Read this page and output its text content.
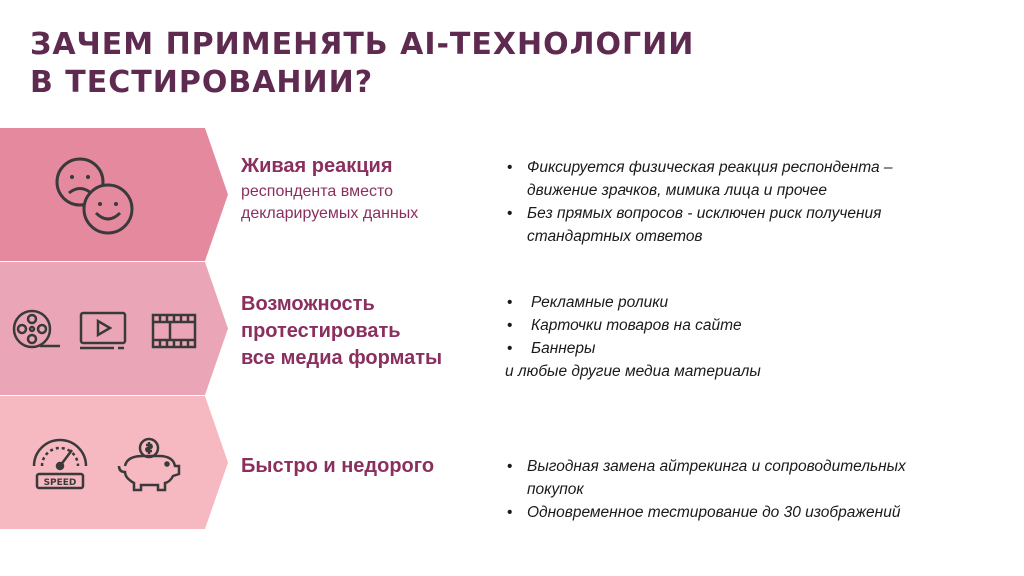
ЗАЧЕМ ПРИМЕНЯТЬ AI-ТЕХНОЛОГИИ
В ТЕСТИРОВАНИИ?
Живая реакция
респондента вместо
декларируемых данных
• Фиксируется физическая реакция респондента –
движение зрачков, мимика лица и прочее
• Без прямых вопросов - исключен риск получения
стандартных ответов
Возможность
протестировать
все медиа форматы
• Рекламные ролики
• Карточки товаров на сайте
• Баннеры
и любые другие медиа материалы
SPEED
Быстро и недорого
•	Выгодная замена айтрекинга и сопроводительных
покупок
• Одновременное тестирование до 30 изображений
